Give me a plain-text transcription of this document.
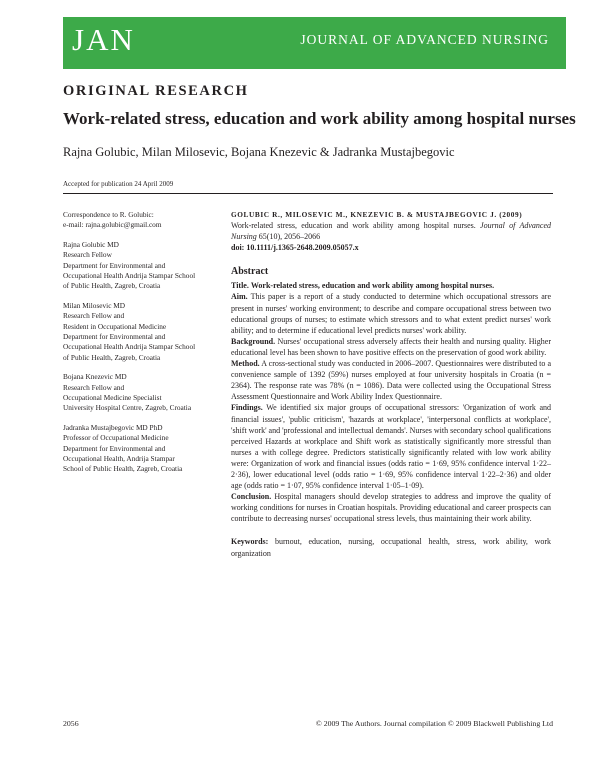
JAN	JOURNAL OF ADVANCED NURSING
ORIGINAL RESEARCH
Work-related stress, education and work ability among hospital nurses
Rajna Golubic, Milan Milosevic, Bojana Knezevic & Jadranka Mustajbegovic
Accepted for publication 24 April 2009

Correspondence to R. Golubic:
e-mail: rajna.golubic@gmail.com

Rajna Golubic MD
Research Fellow
Department for Environmental and
Occupational Health Andrija Stampar School
of Public Health, Zagreb, Croatia

Milan Milosevic MD
Research Fellow and
Resident in Occupational Medicine
Department for Environmental and
Occupational Health Andrija Stampar School
of Public Health, Zagreb, Croatia

Bojana Knezevic MD
Research Fellow and
Occupational Medicine Specialist
University Hospital Centre, Zagreb, Croatia

Jadranka Mustajbegovic MD PhD
Professor of Occupational Medicine
Department for Environmental and
Occupational Health, Andrija Stampar
School of Public Health, Zagreb, Croatia

GOLUBIC R., MILOSEVIC M., KNEZEVIC B. & MUSTAJBEGOVIC J. (2009)
Work-related stress, education and work ability among hospital nurses. Journal of Advanced Nursing 65(10), 2056–2066
doi: 10.1111/j.1365-2648.2009.05057.x

Abstract

Title. Work-related stress, education and work ability among hospital nurses.

Aim. This paper is a report of a study conducted to determine which occupational stressors are present in nurses' working environment; to describe and compare occupational stress between two educational groups of nurses; to estimate which stressors and to what extent predict nurses' work ability; and to determine if educational level predicts nurses' work ability.

Background. Nurses' occupational stress adversely affects their health and nursing quality. Higher educational level has been shown to have positive effects on the preservation of good work ability.

Method. A cross-sectional study was conducted in 2006–2007. Questionnaires were distributed to a convenience sample of 1392 (59%) nurses employed at four university hospitals in Croatia (n = 2364). The response rate was 78% (n = 1086). Data were collected using the Occupational Stress Assessment Questionnaire and Work Ability Index Questionnaire.

Findings. We identified six major groups of occupational stressors: 'Organization of work and financial issues', 'public criticism', 'hazards at workplace', 'interpersonal conflicts at workplace', 'shift work' and 'professional and intellectual demands'. Nurses with secondary school qualifications perceived Hazards at workplace and Shift work as statistically significantly more stressful than nurses a with college degree. Predictors statistically significantly related with low work ability were: Organization of work and financial issues (odds ratio = 1·69, 95% confidence interval 1·22–2·36), lower educational level (odds ratio = 1·69, 95% confidence interval 1·22–2·36) and older age (odds ratio = 1·07, 95% confidence interval 1·05–1·09).

Conclusion. Hospital managers should develop strategies to address and improve the quality of working conditions for nurses in Croatian hospitals. Providing educational and career prospects can contribute to decreasing nurses' occupational stress levels, thus maintaining their work ability.

Keywords: burnout, education, nursing, occupational health, stress, work ability, work organization

2056	© 2009 The Authors. Journal compilation © 2009 Blackwell Publishing Ltd
